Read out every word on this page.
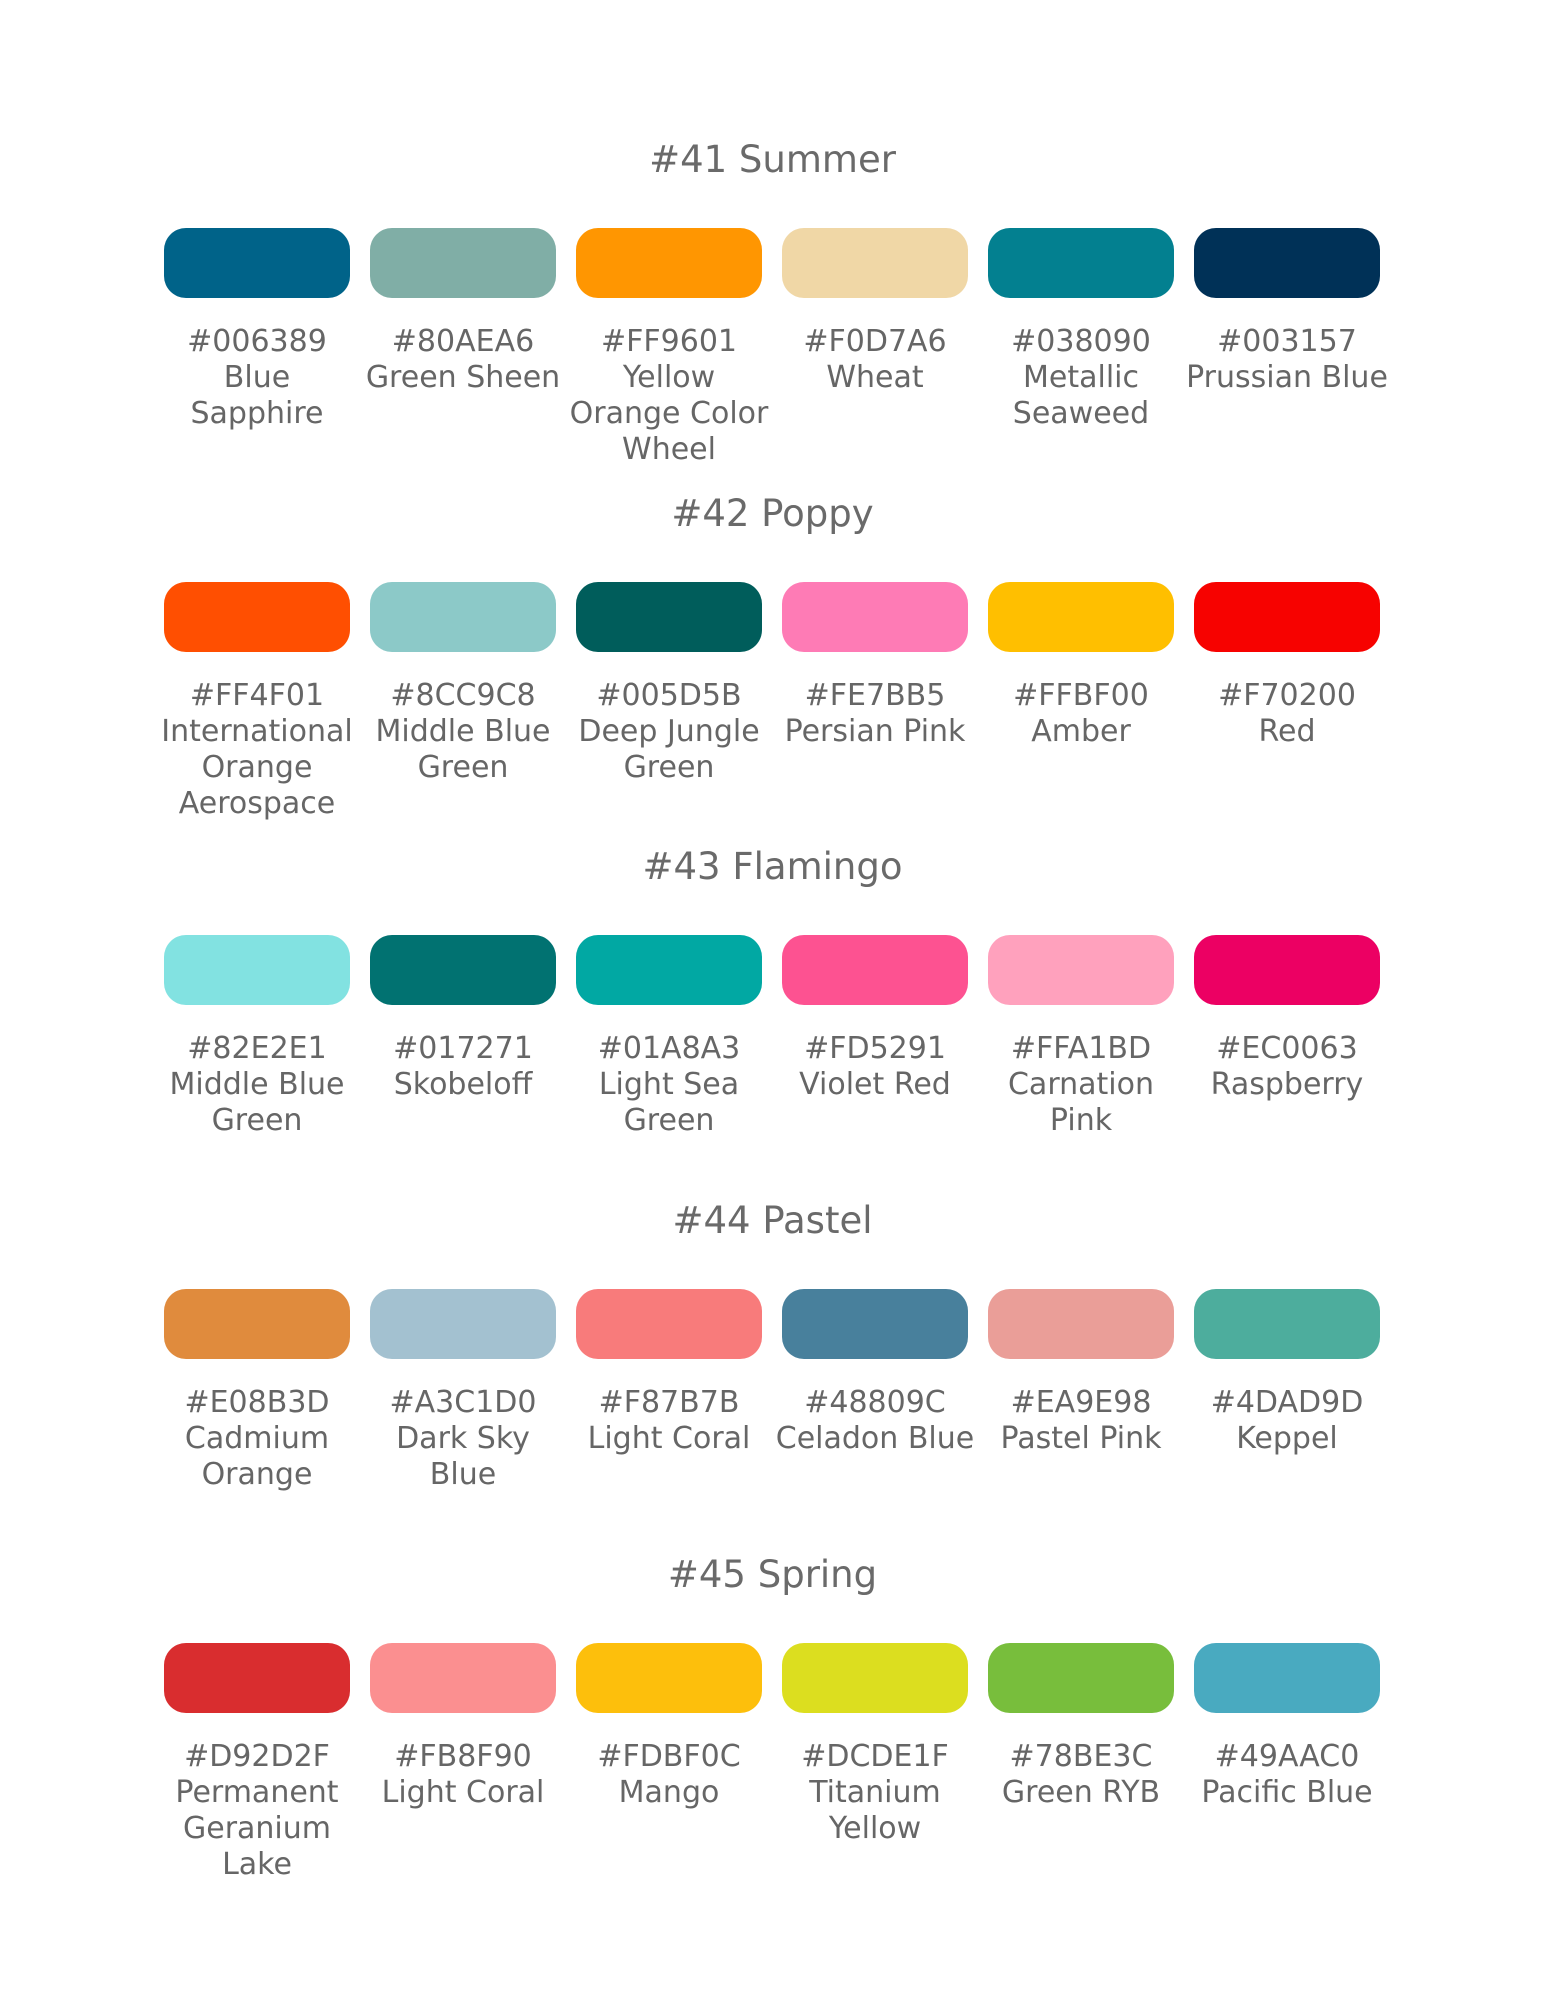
#41 Summer
#006389
Blue Sapphire
#80AEA6
Green Sheen
#FF9601
Yellow Orange Color Wheel
#F0D7A6
Wheat
#038090
Metallic Seaweed
#003157
Prussian Blue
#42 Poppy
#FF4F01
International Orange Aerospace
#8CC9C8
Middle Blue Green
#005D5B
Deep Jungle Green
#FE7BB5
Persian Pink
#FFBF00
Amber
#F70200
Red
#43 Flamingo
#82E2E1
Middle Blue Green
#017271
Skobeloff
#01A8A3
Light Sea Green
#FD5291
Violet Red
#FFA1BD
Carnation Pink
#EC0063
Raspberry
#44 Pastel
#E08B3D
Cadmium Orange
#A3C1D0
Dark Sky Blue
#F87B7B
Light Coral
#48809C
Celadon Blue
#EA9E98
Pastel Pink
#4DAD9D
Keppel
#45 Spring
#D92D2F
Permanent Geranium Lake
#FB8F90
Light Coral
#FDBF0C
Mango
#DCDE1F
Titanium Yellow
#78BE3C
Green RYB
#49AAC0
Pacific Blue
